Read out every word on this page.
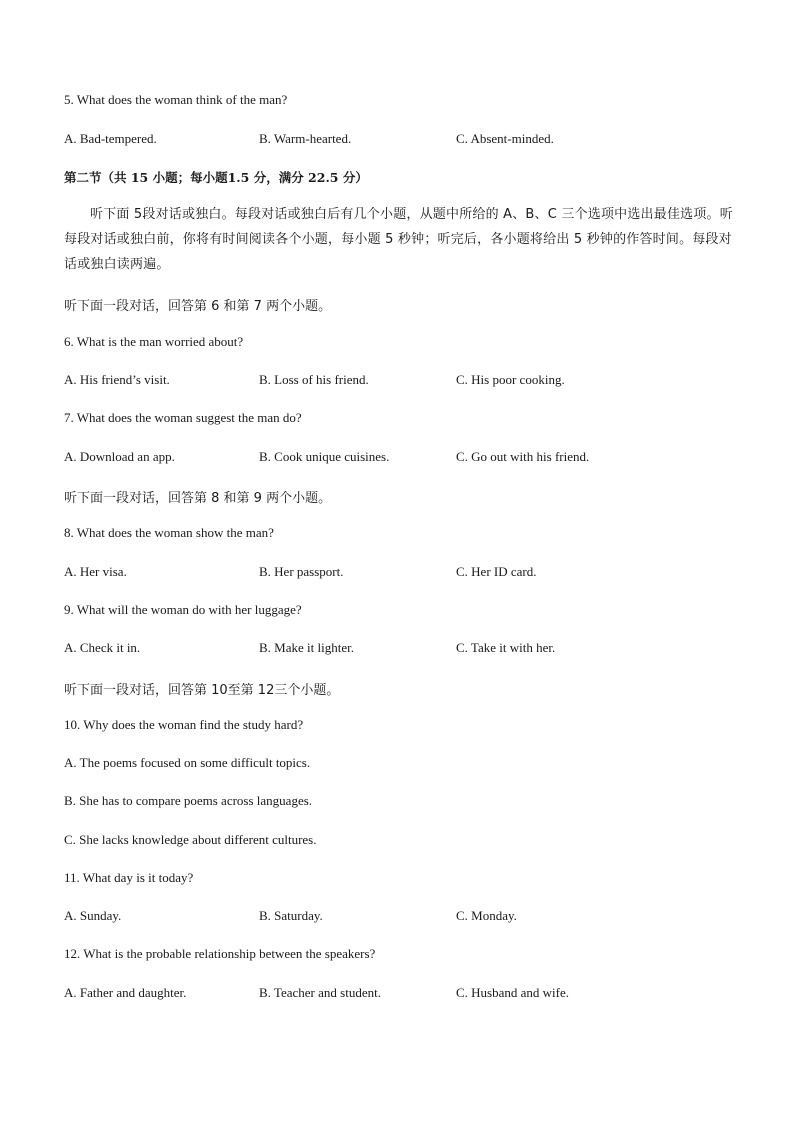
5. What does the woman think of the man?
A. Bad-tempered.	B. Warm-hearted.	C. Absent-minded.
第二节（共 15 小题；每小题1.5 分，满分 22.5 分）
听下面 5段对话或独白。每段对话或独白后有几个小题，从题中所给的 A、B、C 三个选项中选出最佳选项。听每段对话或独白前，你将有时间阅读各个小题，每小题 5 秒钟；听完后，各小题将给出 5 秒钟的作答时间。每段对话或独白读两遍。
听下面一段对话，回答第 6 和第 7 两个小题。
6. What is the man worried about?
A. His friend’s visit.	B. Loss of his friend.	C. His poor cooking.
7. What does the woman suggest the man do?
A. Download an app.	B. Cook unique cuisines.	C. Go out with his friend.
听下面一段对话，回答第 8 和第 9 两个小题。
8. What does the woman show the man?
A. Her visa.	B. Her passport.	C. Her ID card.
9. What will the woman do with her luggage?
A. Check it in.	B. Make it lighter.	C. Take it with her.
听下面一段对话，回答第 10至第 12三个小题。
10. Why does the woman find the study hard?
A. The poems focused on some difficult topics.
B. She has to compare poems across languages.
C. She lacks knowledge about different cultures.
11. What day is it today?
A. Sunday.	B. Saturday.	C. Monday.
12. What is the probable relationship between the speakers?
A. Father and daughter.	B. Teacher and student.	C. Husband and wife.
